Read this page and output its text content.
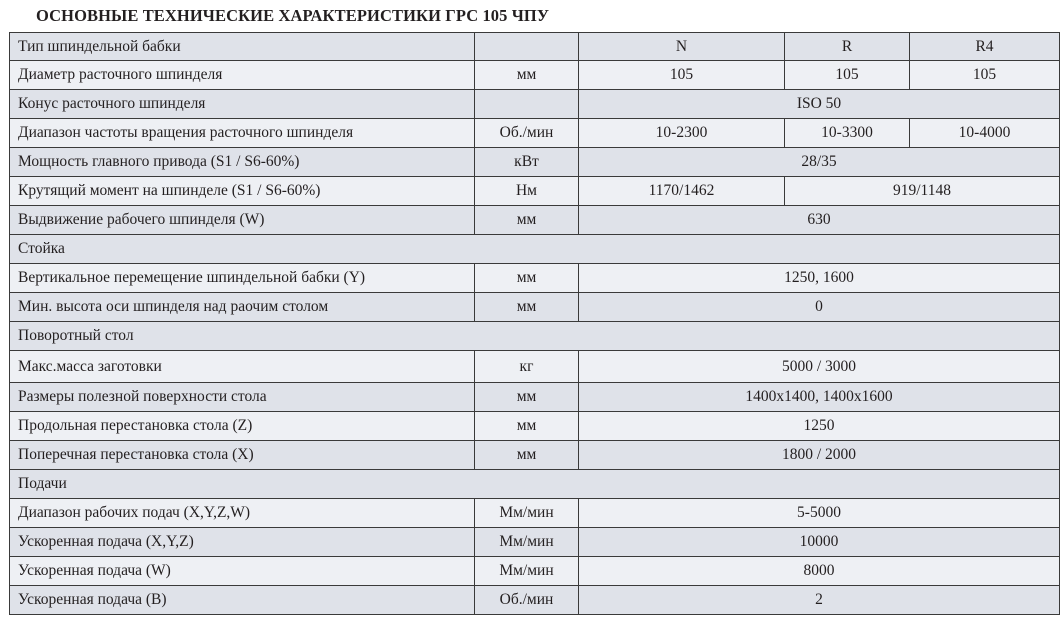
ОСНОВНЫЕ ТЕХНИЧЕСКИЕ ХАРАКТЕРИСТИКИ ГРС 105 ЧПУ
Тип шпиндельной бабки		N	R	R4
Диаметр расточного шпинделя	мм	105	105	105
Конус расточного шпинделя		ISO 50		
Диапазон частоты вращения расточного шпинделя	Об./мин	10-2300	10-3300	10-4000
Мощность главного привода (S1 / S6-60%)	кВт	28/35		
Крутящий момент на шпинделе (S1 / S6-60%)	Нм	1170/1462	919/1148	
Выдвижение рабочего шпинделя (W)	мм	630		
Стойка				
Вертикальное перемещение шпиндельной бабки (Y)	мм	1250, 1600		
Мин. высота оси шпинделя над раочим столом	мм	0		
Поворотный стол				
Макс.масса заготовки	кг	5000 / 3000		
Размеры полезной поверхности стола	мм	1400x1400, 1400x1600		
Продольная перестановка стола (Z)	мм	1250		
Поперечная перестановка стола (X)	мм	1800 / 2000		
Подачи				
Диапазон рабочих подач (X,Y,Z,W)	Мм/мин	5-5000		
Ускоренная подача (X,Y,Z)	Мм/мин	10000		
Ускоренная подача (W)	Мм/мин	8000		
Ускоренная подача (B)	Об./мин	2		
